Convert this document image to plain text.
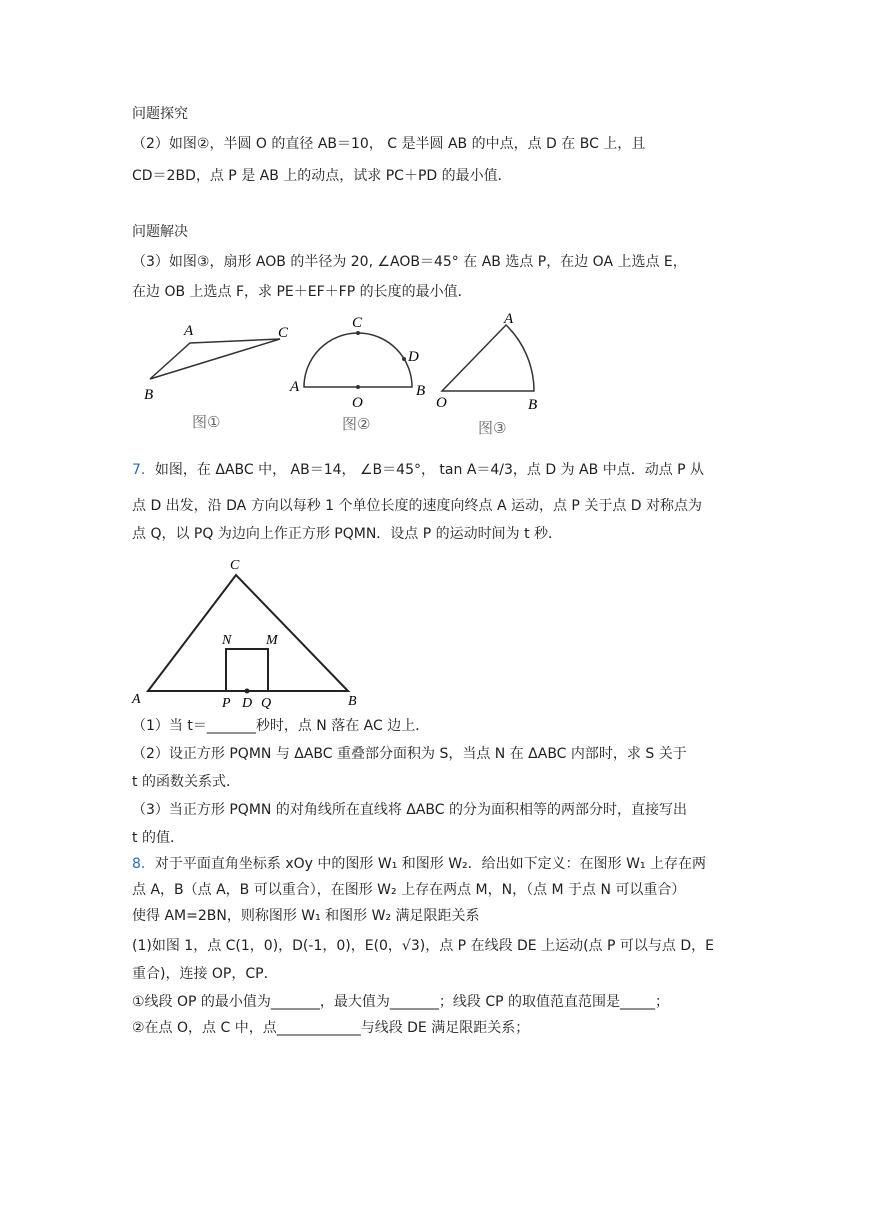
问题探究
（2）如图②，半圆 O 的直径 AB＝10， C 是半圆 AB 的中点，点 D 在 BC 上，且
CD＝2BD，点 P 是 AB 上的动点，试求 PC＋PD 的最小值．
问题解决
（3）如图③，扇形 AOB 的半径为 20, ∠AOB＝45° 在 AB 选点 P，在边 OA 上选点 E，
在边 OB 上选点 F，求 PE＋EF＋FP 的长度的最小值．
A	C
B
图①
C
D
A	B
O
图②
A
O	B
图③
7．如图，在 ΔABC 中， AB＝14， ∠B＝45°， tan A＝4/3，点 D 为 AB 中点．动点 P 从
点 D 出发，沿 DA 方向以每秒 1 个单位长度的速度向终点 A 运动，点 P 关于点 D 对称点为
点 Q，以 PQ 为边向上作正方形 PQMN．设点 P 的运动时间为 t 秒．
C
A	B
N M
P D Q
（1）当 t＝_______秒时，点 N 落在 AC 边上．
（2）设正方形 PQMN 与 ΔABC 重叠部分面积为 S，当点 N 在 ΔABC 内部时，求 S 关于
t 的函数关系式．
（3）当正方形 PQMN 的对角线所在直线将 ΔABC 的分为面积相等的两部分时，直接写出
t 的值．
8．对于平面直角坐标系 xOy 中的图形 W₁ 和图形 W₂．给出如下定义：在图形 W₁ 上存在两
点 A，B（点 A，B 可以重合），在图形 W₂ 上存在两点 M，N，（点 M 于点 N 可以重合）
使得 AM=2BN，则称图形 W₁ 和图形 W₂ 满足限距关系
(1)如图 1，点 C(1，0)，D(-1，0)，E(0，√3)，点 P 在线段 DE 上运动(点 P 可以与点 D，E
重合)，连接 OP，CP．
①线段 OP 的最小值为_______，最大值为_______；线段 CP 的取值范直范围是_____；
②在点 O，点 C 中，点____________与线段 DE 满足限距关系；
